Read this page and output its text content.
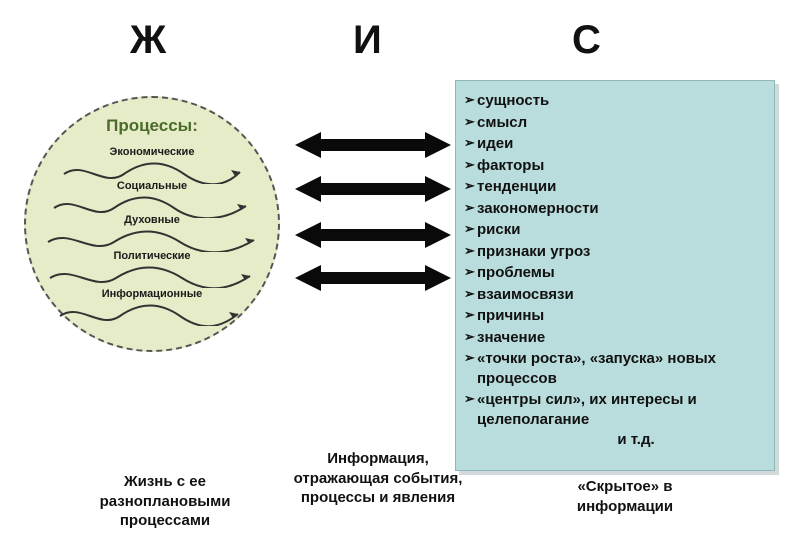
Ж	И	С
Процессы:
Экономические
Социальные
Духовные
Политические
Информационные
➢ сущность
➢ смысл
➢ идеи
➢ факторы
➢ тенденции
➢ закономерности
➢ риски
➢ признаки угроз
➢ проблемы
➢ взаимосвязи
➢ причины
➢ значение
➢ «точки роста», «запуска» новых процессов
➢ «центры сил», их интересы и целеполагание
и т.д.
Жизнь с ее разноплановыми процессами
Информация, отражающая события, процессы и явления
«Скрытое» в информации
